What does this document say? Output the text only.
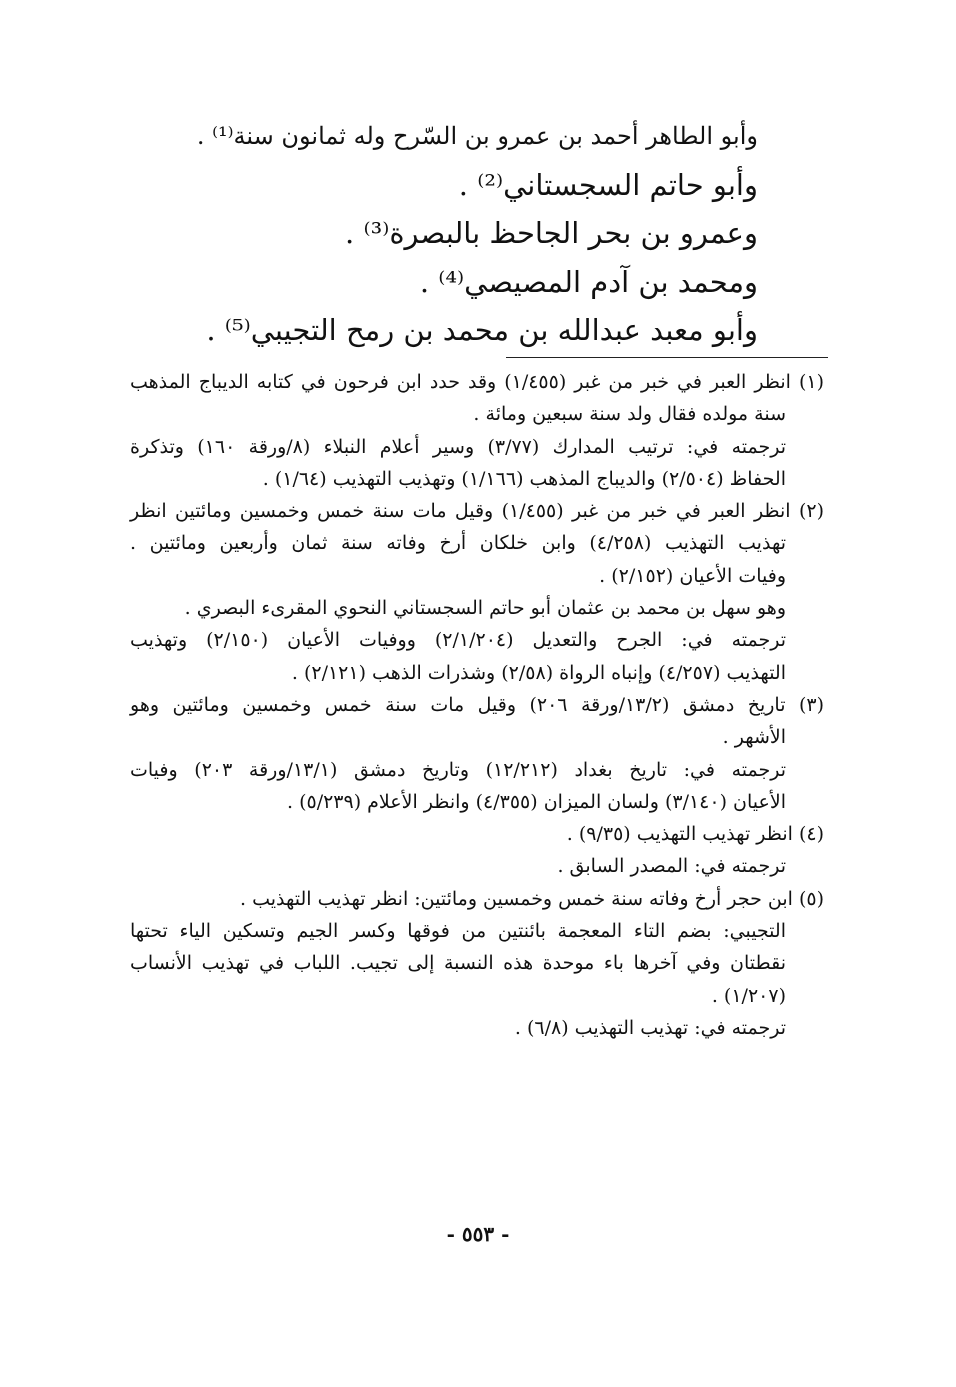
وأبو الطاهر أحمد بن عمرو بن السّرح وله ثمانون سنة⁽¹⁾ .
وأبو حاتم السجستاني⁽²⁾ .
وعمرو بن بحر الجاحظ بالبصرة⁽³⁾ .
ومحمد بن آدم المصيصي⁽⁴⁾ .
وأبو معبد عبدالله بن محمد بن رمح التجيبي⁽⁵⁾ .
(١) انظر العبر في خبر من غبر (١/٤٥٥) وقد حدد ابن فرحون في كتابه الديباج المذهب
سنة مولده فقال ولد سنة سبعين ومائة .
ترجمته في: ترتيب المدارك (٣/٧٧) وسير أعلام النبلاء (٨/ورقة ١٦٠) وتذكرة
الحفاظ (٢/٥٠٤) والديباج المذهب (١/١٦٦) وتهذيب التهذيب (١/٦٤) .
(٢) انظر العبر في خبر من غبر (١/٤٥٥) وقيل مات سنة خمس وخمسين ومائتين انظر
تهذيب التهذيب (٤/٢٥٨) وابن خلكان أرخ وفاته سنة ثمان وأربعين ومائتين .
وفيات الأعيان (٢/١٥٢) .
وهو سهل بن محمد بن عثمان أبو حاتم السجستاني النحوي المقرىء البصري .
ترجمته في: الجرح والتعديل (٢/١/٢٠٤) ووفيات الأعيان (٢/١٥٠) وتهذيب
التهذيب (٤/٢٥٧) وإنباه الرواة (٢/٥٨) وشذرات الذهب (٢/١٢١) .
(٣) تاريخ دمشق (١٣/٢/ورقة ٢٠٦) وقيل مات سنة خمس وخمسين ومائتين وهو
الأشهر .
ترجمته في: تاريخ بغداد (١٢/٢١٢) وتاريخ دمشق (١٣/١/ورقة ٢٠٣) وفيات
الأعيان (٣/١٤٠) ولسان الميزان (٤/٣٥٥) وانظر الأعلام (٥/٢٣٩) .
(٤) انظر تهذيب التهذيب (٩/٣٥) .
ترجمته في: المصدر السابق .
(٥) ابن حجر أرخ وفاته سنة خمس وخمسين ومائتين: انظر تهذيب التهذيب .
التجيبي: بضم التاء المعجمة بائنتين من فوقها وكسر الجيم وتسكين الياء تحتها
نقطتان وفي آخرها باء موحدة هذه النسبة إلى تجيب. اللباب في تهذيب الأنساب
(١/٢٠٧) .
ترجمته في: تهذيب التهذيب (٦/٨) .
- ٥٥٣ -
